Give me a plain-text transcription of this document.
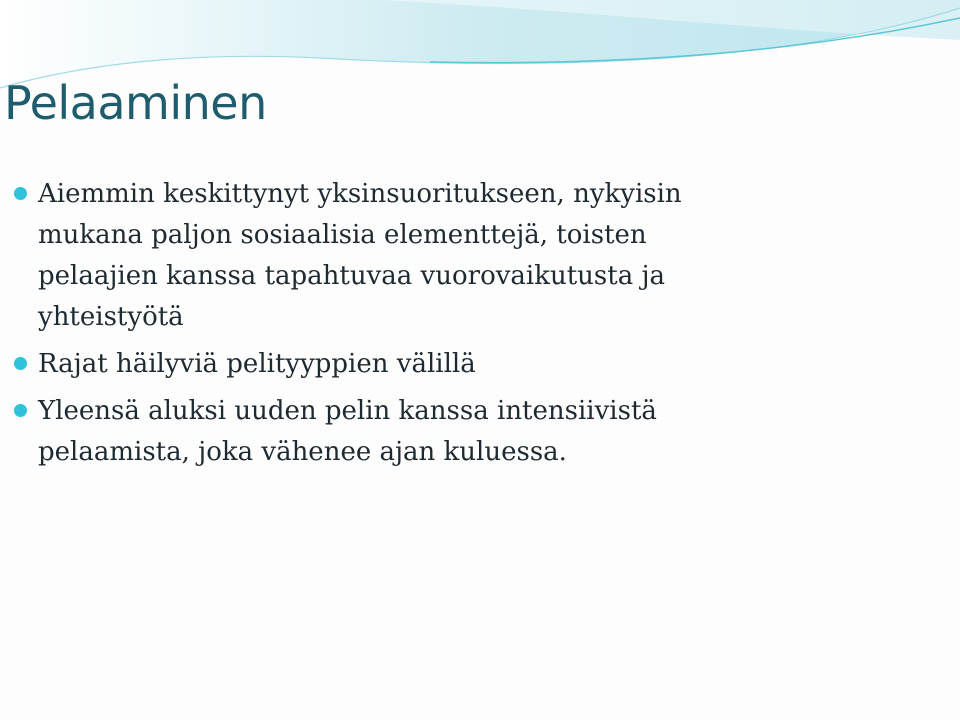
Pelaaminen
Aiemmin keskittynyt yksinsuoritukseen, nykyisin
mukana paljon sosiaalisia elementtejä, toisten
pelaajien kanssa tapahtuvaa vuorovaikutusta ja
yhteistyötä
Rajat häilyviä pelityyppien välillä
Yleensä aluksi uuden pelin kanssa intensiivistä
pelaamista, joka vähenee ajan kuluessa.
